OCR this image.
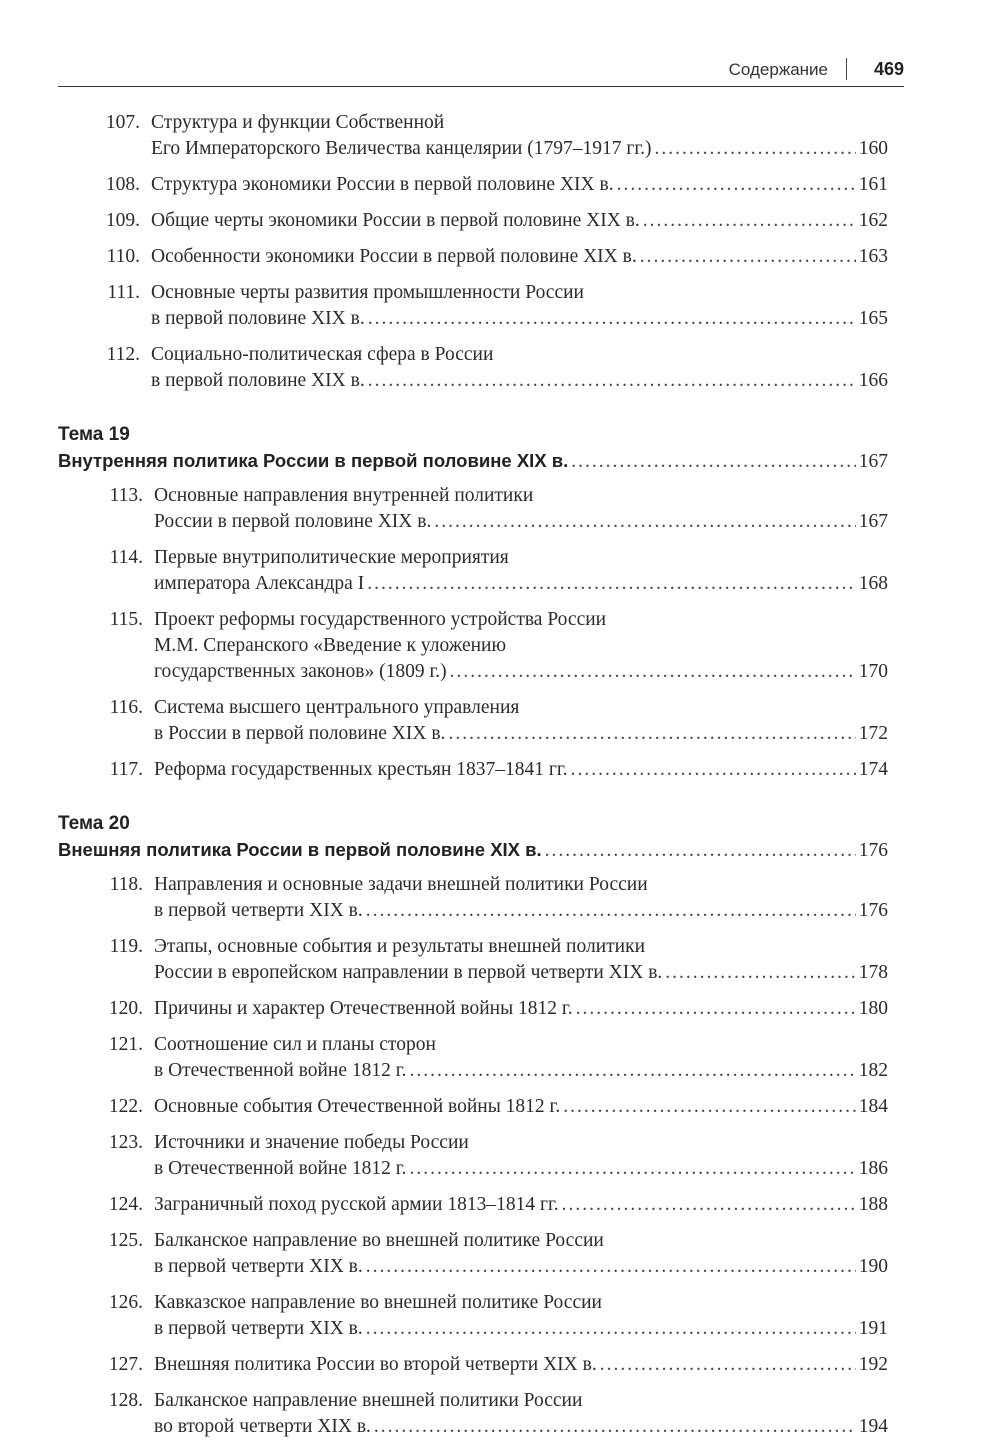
Содержание	469
107. Структура и функции Собственной
Его Императорского Величества канцелярии (1797–1917 гг.) .....	160
108. Структура экономики России в первой половине XIX в. .....	161
109. Общие черты экономики России в первой половине XIX в. .....	162
110. Особенности экономики России в первой половине XIX в. .....	163
111. Основные черты развития промышленности России
в первой половине XIX в. .....	165
112. Социально-политическая сфера в России
в первой половине XIX в. .....	166
Тема 19
Внутренняя политика России в первой половине XIX в. .....	167
113. Основные направления внутренней политики
России в первой половине XIX в. .....	167
114. Первые внутриполитические мероприятия
императора Александра I .....	168
115. Проект реформы государственного устройства России
М.М. Сперанского «Введение к уложению
государственных законов» (1809 г.) .....	170
116. Система высшего центрального управления
в России в первой половине XIX в. .....	172
117. Реформа государственных крестьян 1837–1841 гг. .....	174
Тема 20
Внешняя политика России в первой половине XIX в. .....	176
118. Направления и основные задачи внешней политики России
в первой четверти XIX в. .....	176
119. Этапы, основные события и результаты внешней политики
России в европейском направлении в первой четверти XIX в. .....	178
120. Причины и характер Отечественной войны 1812 г. .....	180
121. Соотношение сил и планы сторон
в Отечественной войне 1812 г. .....	182
122. Основные события Отечественной войны 1812 г. .....	184
123. Источники и значение победы России
в Отечественной войне 1812 г. .....	186
124. Заграничный поход русской армии 1813–1814 гг. .....	188
125. Балканское направление во внешней политике России
в первой четверти XIX в. .....	190
126. Кавказское направление во внешней политике России
в первой четверти XIX в. .....	191
127. Внешняя политика России во второй четверти XIX в. .....	192
128. Балканское направление внешней политики России
во второй четверти XIX в. .....	194
